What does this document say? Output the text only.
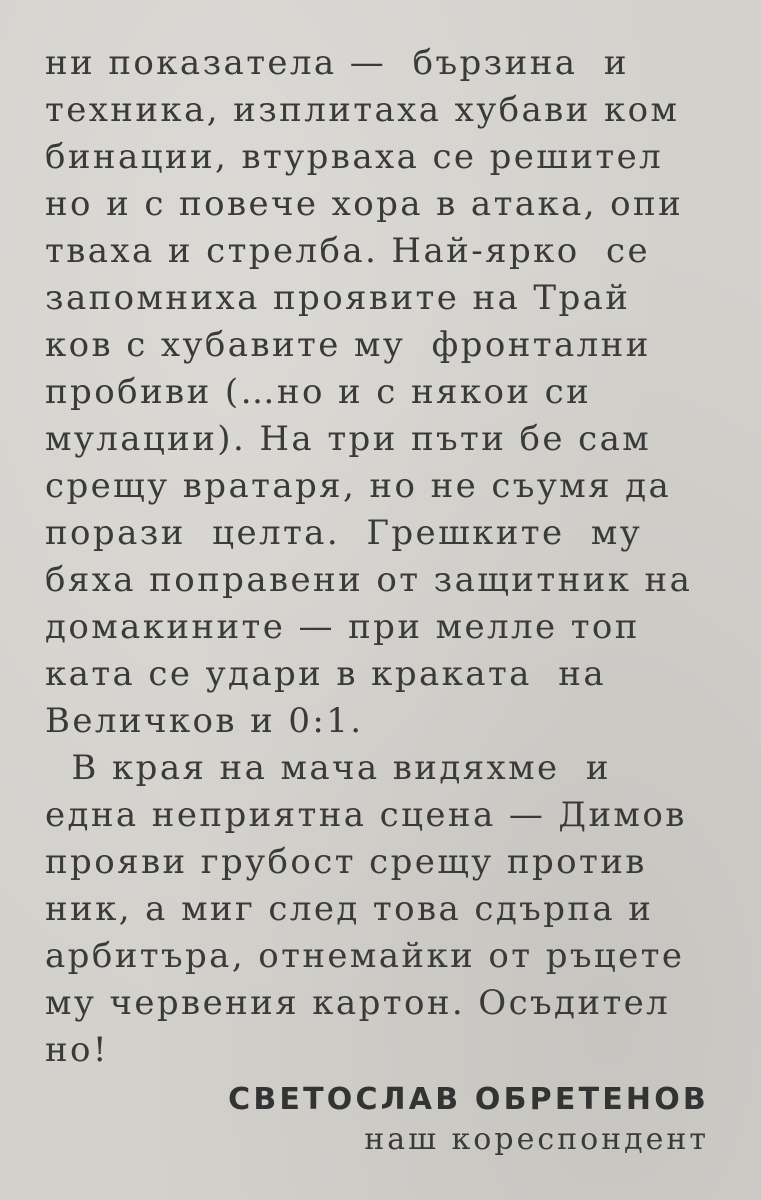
ни показатела —  бързина  и
техника, изплитаха хубави ком
бинации, втурваха се решител
но и с повече хора в атака, опи
тваха и стрелба. Най-ярко  се
запомниха проявите на Трай
ков с хубавите му  фронтални
пробиви (…но и с някои си
мулации). На три пъти бе сам
срещу вратаря, но не съумя да
порази  целта.  Грешките  му
бяха поправени от защитник на
домакините — при мелле топ
ката се удари в краката  на
Величков и 0:1.
В края на мача видяхме  и
една неприятна сцена — Димов
прояви грубост срещу против
ник, а миг след това сдърпа и
арбитъра, отнемайки от ръцете
му червения картон. Осъдител
но!
СВЕТОСЛАВ ОБРЕТЕНОВ
наш кореспондент
